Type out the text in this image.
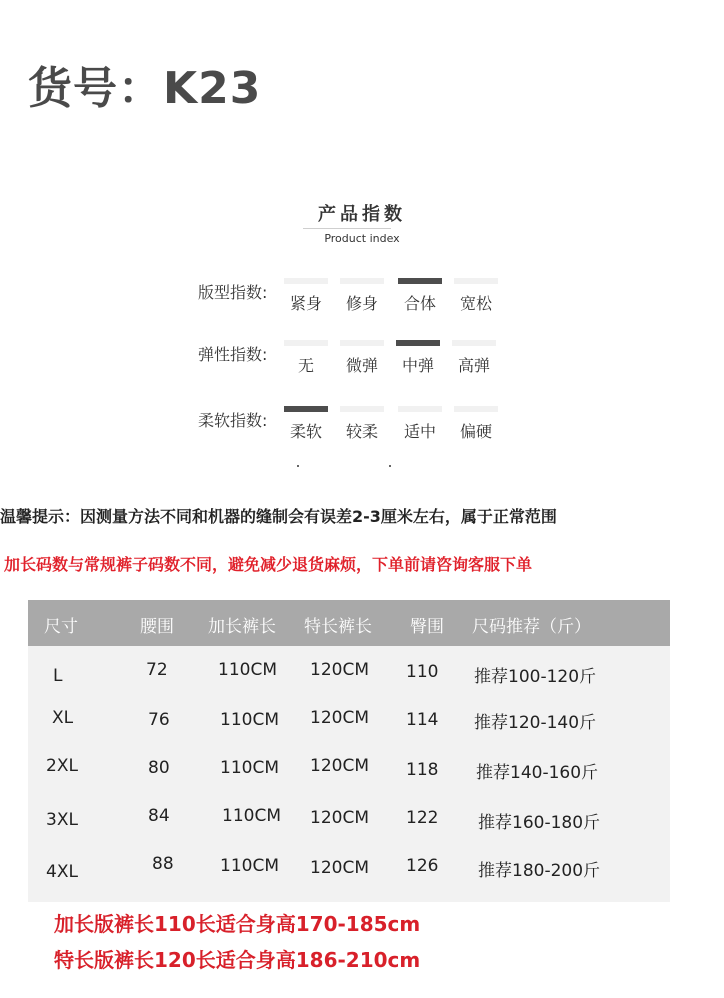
货号：K23
产品指数
Product index
版型指数:
紧身	修身	合体	宽松
弹性指数:
无	微弹	中弹	高弹
柔软指数:
柔软	较柔	适中	偏硬
温馨提示：因测量方法不同和机器的缝制会有误差2-3厘米左右，属于正常范围
加长码数与常规裤子码数不同，避免减少退货麻烦，下单前请咨询客服下单
尺寸	腰围 加长裤长 特长裤长 臀围 尺码推荐（斤）
L	72	110CM 120CM 110 推荐100-120斤
XL	76	110CM 120CM 114 推荐120-140斤
2XL	80	110CM 120CM 118 推荐140-160斤
3XL	84	110CM 120CM 122 推荐160-180斤
4XL	88	110CM 120CM 126 推荐180-200斤
加长版裤长110长适合身高170-185cm
特长版裤长120长适合身高186-210cm
